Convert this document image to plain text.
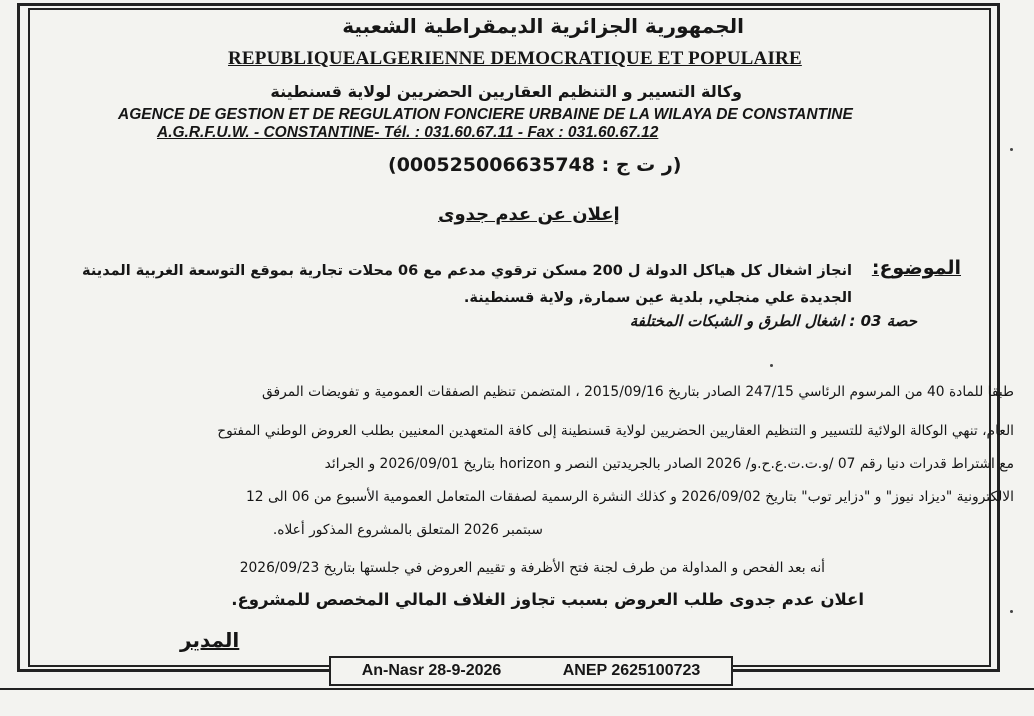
الجمهورية الجزائرية الديمقراطية الشعبية
REPUBLIQUEALGERIENNE DEMOCRATIQUE ET POPULAIRE
وكالة التسيير و التنظيم العقاريين الحضريين لولاية قسنطينة
AGENCE DE GESTION ET DE REGULATION FONCIERE URBAINE DE LA WILAYA DE CONSTANTINE
A.G.R.F.U.W. - CONSTANTINE- Tél. : 031.60.67.11 - Fax : 031.60.67.12
(ر ت ج : 000525006635748)
إعلان عن عدم جدوى
الموضوع:
انجاز اشغال كل هياكل الدولة ل 200 مسكن ترقوي مدعم مع 06 محلات تجارية بموقع التوسعة الغربية المدينة
الجديدة علي منجلي, بلدية عين سمارة, ولاية قسنطينة.
حصة 03 : اشغال الطرق و الشبكات المختلفة
طبقا للمادة 40 من المرسوم الرئاسي 247/15 الصادر بتاريخ 2015/09/16 ، المتضمن تنظيم الصفقات العمومية و تفويضات المرفق
العام، تنهي الوكالة الولائية للتسيير و التنظيم العقاريين الحضريين لولاية قسنطينة إلى كافة المتعهدين المعنيين بطلب العروض الوطني المفتوح
مع اشتراط قدرات دنيا رقم 07 /و.ت.ت.ع.ح.و/ 2026 الصادر بالجريدتين النصر و horizon بتاريخ 2026/09/01 و الجرائد
الالكترونية "ديزاد نيوز" و "دزاير توب" بتاريخ 2026/09/02 و كذلك النشرة الرسمية لصفقات المتعامل العمومية الأسبوع من 06 الى 12
سبتمبر 2026 المتعلق بالمشروع المذكور أعلاه.
أنه بعد الفحص و المداولة من طرف لجنة فتح الأظرفة و تقييم العروض في جلستها بتاريخ 2026/09/23
اعلان عدم جدوى طلب العروض بسبب تجاوز الغلاف المالي المخصص للمشروع.
المدير
An-Nasr 28-9-2026	ANEP 2625100723
